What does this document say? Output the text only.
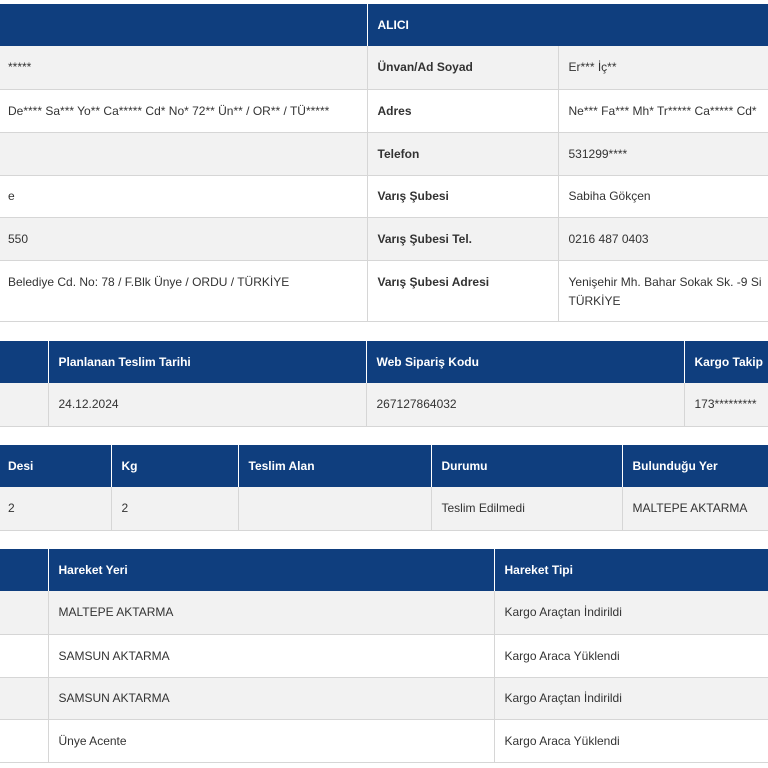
	ALICI	
*****	Ünvan/Ad Soyad	Er*** İç**
De**** Sa*** Yo** Ca***** Cd* No* 72** Ün** / OR** / TÜ*****	Adres	Ne*** Fa*** Mh* Tr***** Ca***** Cd*
	Telefon	531299****
e	Varış Şubesi	Sabiha Gökçen
550	Varış Şubesi Tel.	0216 487 0403
Belediye Cd. No: 78 / F.Blk Ünye / ORDU / TÜRKİYE	Varış Şubesi Adresi	Yenişehir Mh. Bahar Sokak Sk. -9 Si
TÜRKİYE
	Planlanan Teslim Tarihi	Web Sipariş Kodu	Kargo Takip
	24.12.2024	267127864032	173*********
Desi	Kg	Teslim Alan	Durumu	Bulunduğu Yer
2	2		Teslim Edilmedi	MALTEPE AKTARMA
	Hareket Yeri	Hareket Tipi
	MALTEPE AKTARMA	Kargo Araçtan İndirildi
	SAMSUN AKTARMA	Kargo Araca Yüklendi
	SAMSUN AKTARMA	Kargo Araçtan İndirildi
	Ünye Acente	Kargo Araca Yüklendi
